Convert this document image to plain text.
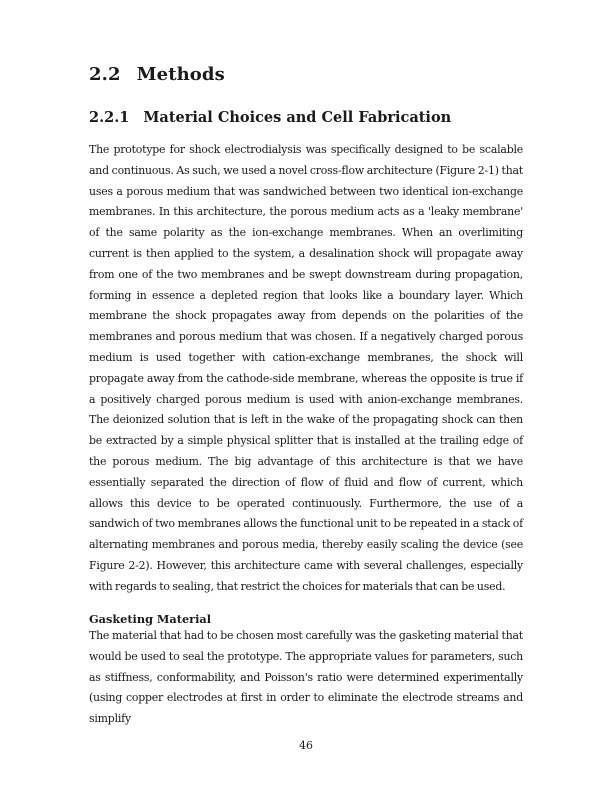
2.2 Methods
2.2.1 Material Choices and Cell Fabrication

The prototype for shock electrodialysis was specifically designed to be scalable and continuous. As such, we used a novel cross-flow architecture (Figure 2-1) that uses a porous medium that was sandwiched between two identical ion-exchange membranes. In this architecture, the porous medium acts as a 'leaky membrane' of the same polarity as the ion-exchange membranes. When an overlimiting current is then applied to the system, a desalination shock will propagate away from one of the two membranes and be swept downstream during propagation, forming in essence a depleted region that looks like a boundary layer. Which membrane the shock propagates away from depends on the polarities of the membranes and porous medium that was chosen. If a negatively charged porous medium is used together with cation-exchange membranes, the shock will propagate away from the cathode-side membrane, whereas the opposite is true if a positively charged porous medium is used with anion-exchange membranes. The deionized solution that is left in the wake of the propagating shock can then be extracted by a simple physical splitter that is installed at the trailing edge of the porous medium. The big advantage of this architecture is that we have essentially separated the direction of flow of fluid and flow of current, which allows this device to be operated continuously. Furthermore, the use of a sandwich of two membranes allows the functional unit to be repeated in a stack of alternating membranes and porous media, thereby easily scaling the device (see Figure 2-2). However, this architecture came with several challenges, especially with regards to sealing, that restrict the choices for materials that can be used.

Gasketing Material

The material that had to be chosen most carefully was the gasketing material that would be used to seal the prototype. The appropriate values for parameters, such as stiffness, conformability, and Poisson's ratio were determined experimentally (using copper electrodes at first in order to eliminate the electrode streams and simplify

46
